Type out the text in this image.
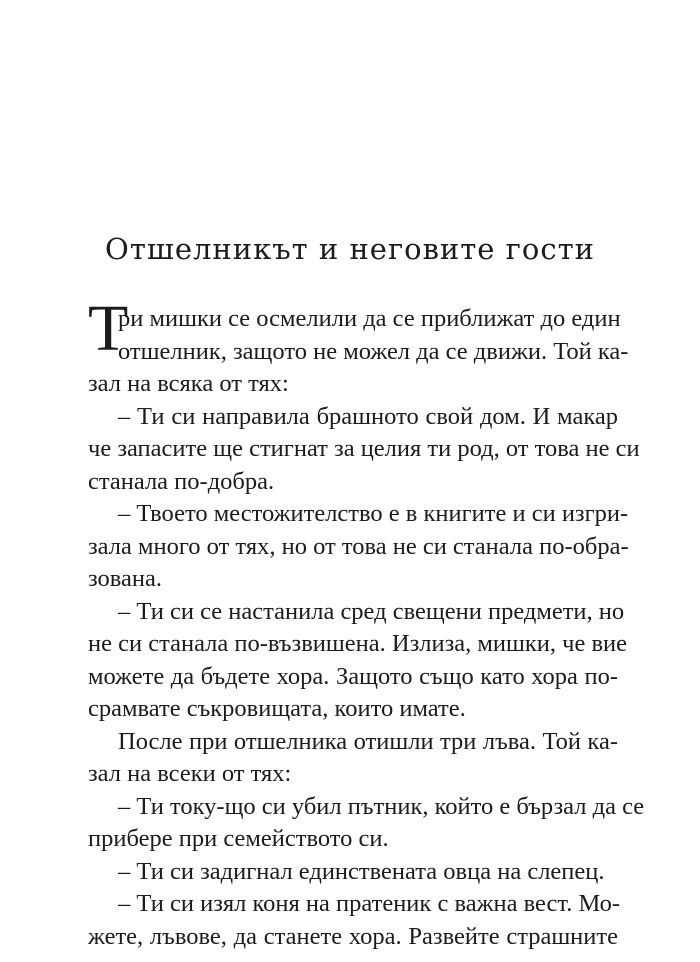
Отшелникът и неговите гости
Т
ри мишки се осмелили да се приближат до един
отшелник, защото не можел да се движи. Той ка-
зал на всяка от тях:
– Ти си направила брашното свой дом. И макар
че запасите ще стигнат за целия ти род, от това не си
станала по-добра.
– Твоето местожителство е в книгите и си изгри-
зала много от тях, но от това не си станала по-обра-
зована.
– Ти си се настанила сред свещени предмети, но
не си станала по-възвишена. Излиза, мишки, че вие
можете да бъдете хора. Защото също като хора по-
срамвате съкровищата, които имате.
После при отшелника отишли три лъва. Той ка-
зал на всеки от тях:
– Ти току-що си убил пътник, който е бързал да се
прибере при семейството си.
– Ти си задигнал единствената овца на слепец.
– Ти си изял коня на пратеник с важна вест. Мо-
жете, лъвове, да станете хора. Развейте страшните
